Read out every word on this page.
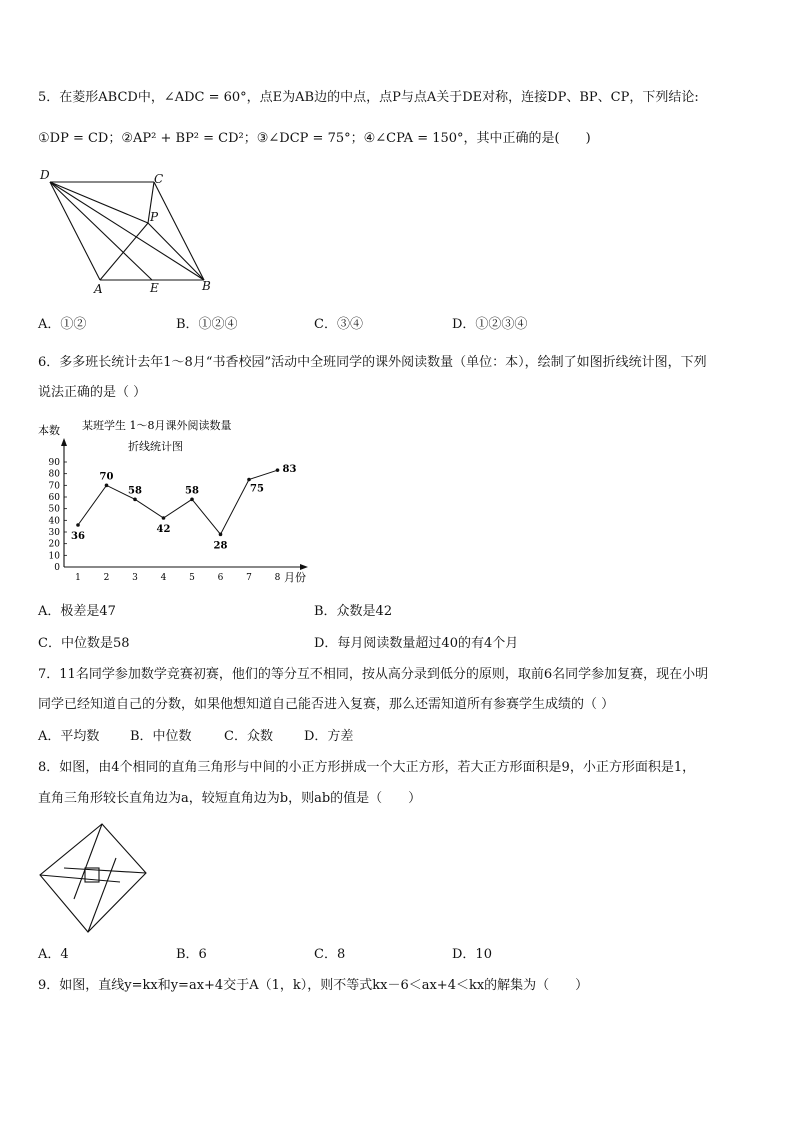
5．在菱形ABCD中，∠ADC = 60°，点E为AB边的中点，点P与点A关于DE对称，连接DP、BP、CP，下列结论:
①DP = CD；②AP² + BP² = CD²；③∠DCP = 75°；④∠CPA = 150°，其中正确的是(　　)
D	C
P
A	E	B
A．①②	B．①②④	C．③④	D．①②③④
6．多多班长统计去年1～8月“书香校园”活动中全班同学的课外阅读数量（单位：本），绘制了如图折线统计图，下列
说法正确的是（ ）
某班学生 1～8月课外阅读数量
折线统计图
本数
月份
0
10
20
30
40
50
60
70
80
90
1	2	3	4	5	6	7	8
36
70
58
42
58
28
75
83
A．极差是47	B．众数是42
C．中位数是58	D．每月阅读数量超过40的有4个月
7．11名同学参加数学竞赛初赛，他们的等分互不相同，按从高分录到低分的原则，取前6名同学参加复赛，现在小明
同学已经知道自己的分数，如果他想知道自己能否进入复赛，那么还需知道所有参赛学生成绩的（ ）
A．平均数 B．中位数 C．众数 D．方差
8．如图，由4个相同的直角三角形与中间的小正方形拼成一个大正方形，若大正方形面积是9，小正方形面积是1，
直角三角形较长直角边为a，较短直角边为b，则ab的值是（　　）
A．4	B．6	C．8	D．10
9．如图，直线y=kx和y=ax+4交于A（1，k），则不等式kx－6＜ax+4＜kx的解集为（　　）
